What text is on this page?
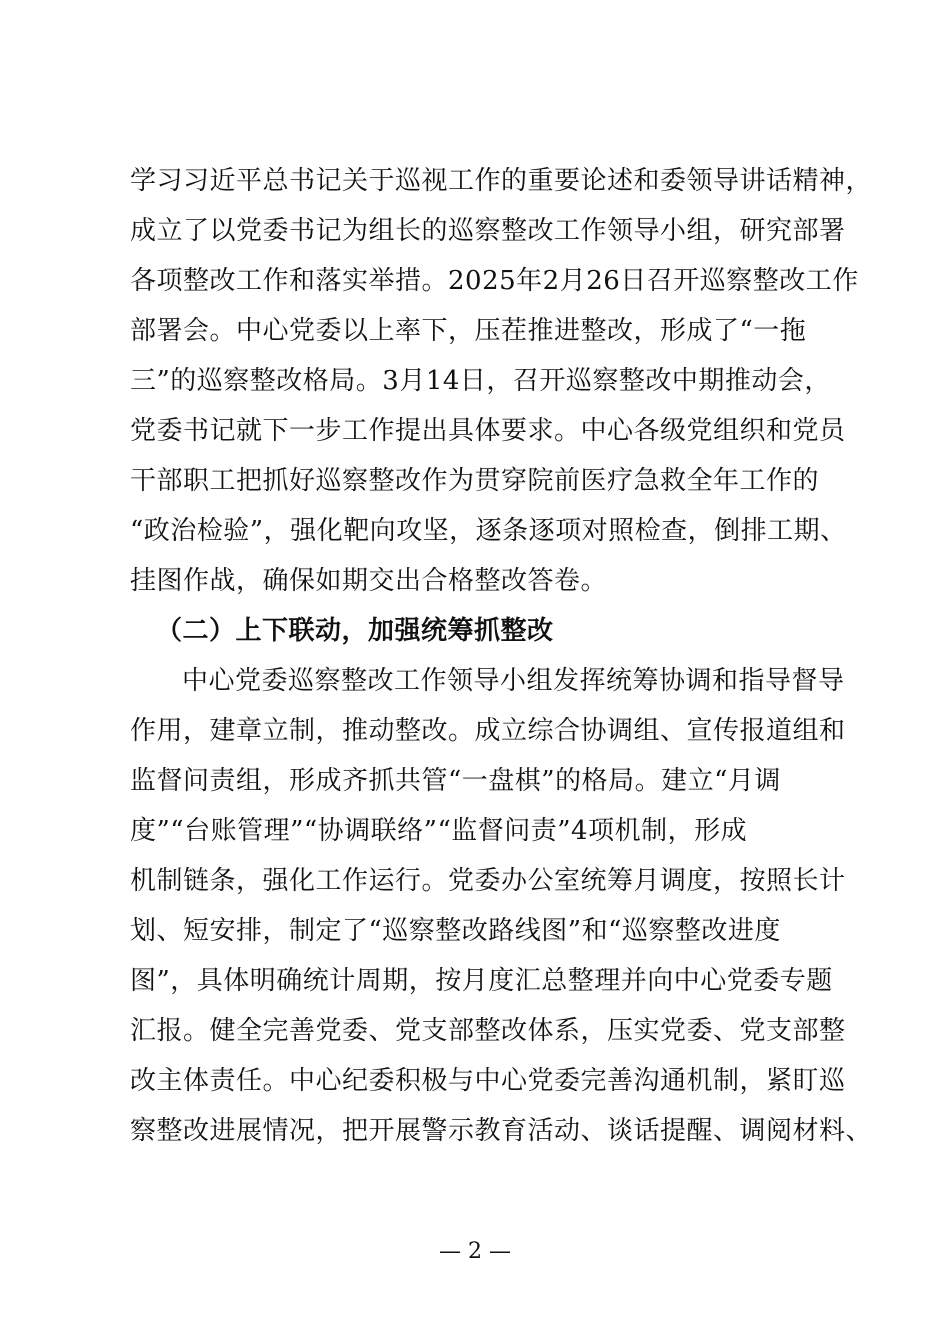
学习习近平总书记关于巡视工作的重要论述和委领导讲话精神，
成立了以党委书记为组长的巡察整改工作领导小组，研究部署
各项整改工作和落实举措。2025年2月26日召开巡察整改工作
部署会。中心党委以上率下，压茬推进整改，形成了“一拖
三”的巡察整改格局。3月14日，召开巡察整改中期推动会，
党委书记就下一步工作提出具体要求。中心各级党组织和党员
干部职工把抓好巡察整改作为贯穿院前医疗急救全年工作的
“政治检验”，强化靶向攻坚，逐条逐项对照检查，倒排工期、
挂图作战，确保如期交出合格整改答卷。
（二）上下联动，加强统筹抓整改
中心党委巡察整改工作领导小组发挥统筹协调和指导督导
作用，建章立制，推动整改。成立综合协调组、宣传报道组和
监督问责组，形成齐抓共管“一盘棋”的格局。建立“月调
度”“台账管理”“协调联络”“监督问责”4项机制，形成
机制链条，强化工作运行。党委办公室统筹月调度，按照长计
划、短安排，制定了“巡察整改路线图”和“巡察整改进度
图”，具体明确统计周期，按月度汇总整理并向中心党委专题
汇报。健全完善党委、党支部整改体系，压实党委、党支部整
改主体责任。中心纪委积极与中心党委完善沟通机制，紧盯巡
察整改进展情况，把开展警示教育活动、谈话提醒、调阅材料、
— 2 —
